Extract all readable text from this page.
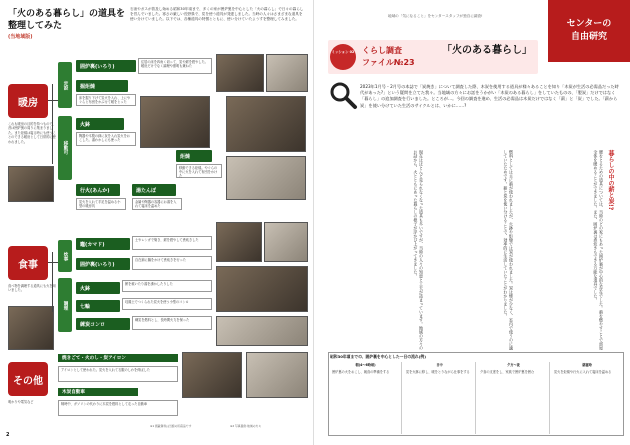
「火のある暮らし」の道具を
整理してみた
(当地域版)
石油やガスが普及し始める昭和30年頃まで、多くの家が囲炉裏を中心とした「火の暮らし」で日々の暮らしを営んでいました。寒さの厳しい長野県で、炭を使う道具が発達しました。当時の人々はさまざまな道具を使い分けていました。以下では、各種道具の特徴とともに、使い分けていたようすを整理してみました。
暖房
これも暖房の目的を持つもので、昔は囲炉裏の周りに集まりました。また炬燵は寝る時にも使うことのできる暖房として日常的に使われました。
食事
食べ物を調理する道具にも火を用いました。
その他
明かりや電気など
定設
移動可
炊事
調理
囲炉裏(いろり)
住居の床を四角く切って、炭や薪を燃やした。暖房だけでなく調理や照明も兼ねた
掘炬燵
床を掘り下げて炭火を入れ、上にやぐらと布団をかぶせて暖をとった
火鉢
陶器や木製の鉢に灰を入れ炭火をおこした。湯わかしにも使った
炬燵
移動できる炬燵。やぐらの中に火を入れて布団をかけた
行火(あんか)
炭火を入れて手足を温める小型の暖房具
湯たんぽ
金属や陶器の容器にお湯を入れて寝床を温めた
竈(カマド)
土やレンガで築き、薪を燃やして煮炊きした
囲炉裏(いろり)
自在鉤に鍋をかけて煮炊きを行った
火鉢
餅を焼いたり湯を沸かしたりした
七輪
珪藻土でつくられた炭火を使う小型のコンロ
練炭コンロ
練炭を燃料とし、長時間火力を保った
焼きごて・火のし・炭アイロン
アイロンとして使われた。炭火を入れて衣服のしわを伸ばした
木炭自動車
戦時中、ガソリンの代わりに木炭を燃料として走った自動車
※1 掲載資料は当館の所蔵品です	※2 写真提供:地域の方々
2
地域の「気になること」をセンタースタッフが独自に調査!
センターの
自由研究
ミッション 02 くらし調査
ファイル№23
「火のある暮らし」
2023年1月号・2月号の本誌で「炭焼き」について調査した際、木炭を使用する道具が様々あることを知り「木炭が生活の必需品だった時代があった?」という疑問を立てた我々。当地域の方々にお話をうかがい「木炭のある暮らし」をしていたものの、「製炭」だけではなく「暮らし」の追加調査を行いました。ところが…。今回の調査を進め、生活の必需品は木炭だけではなく「薪」と「炭」でした。「薪から炭」を使い分けていた生活のサイクルとは、いかに……?
暖をとるための道具については、当時のどの家にもあった囲炉裏が中心的な存在でした。薪を燃やすことで部屋全体を暖めることができました。また、囲炉裏は煮炊きもできる万能な道具でした。
燃料としては主に薪が使われましたが、火鉢や炬燵では炭が使われました。炭は煙が少なく、室内で使うのに適していたためです。薪と炭を使い分けることで、効率的に生活していたことがわかりました。
現在はほとんど見られなくなった道具も多いですが、当時の人々の知恵と工夫が詰まっています。地域の方々のお話から、火とともにあった暮らしの様子が浮かび上がってきました。	暮らしの中の薪と炭!?
昭和30年頃までの、囲炉裏を中心とした一日の流れ(例)
朝(4〜6時頃)
囲炉裏の火をおこし、朝食の準備をする
日中
炭を火鉢に移し、暖をとりながら仕事をする
夕方〜夜
夕食の支度をし、家族で囲炉裏を囲む
就寝時
炭火を炬燵や行火に入れて寝床を温める
